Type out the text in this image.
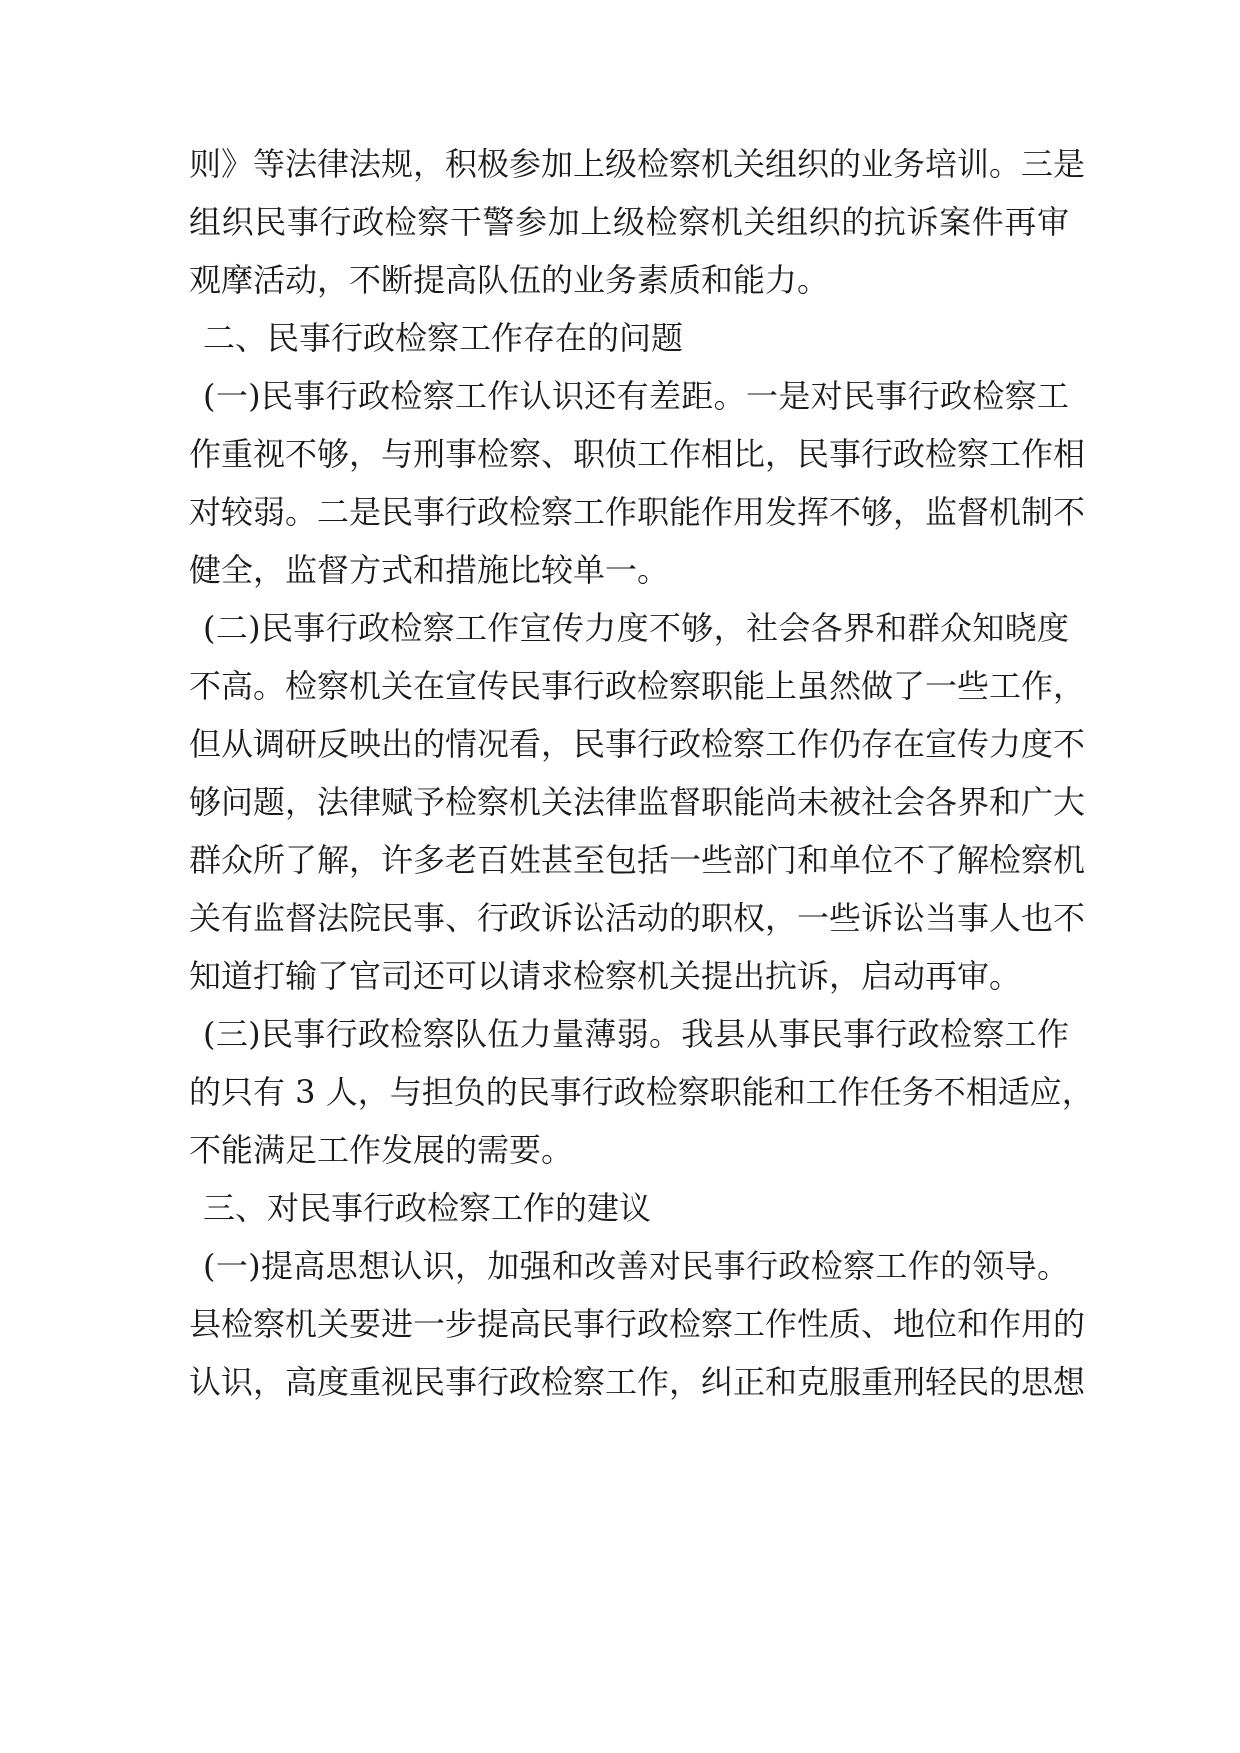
则》等法律法规，积极参加上级检察机关组织的业务培训。三是
组织民事行政检察干警参加上级检察机关组织的抗诉案件再审
观摩活动，不断提高队伍的业务素质和能力。
二、民事行政检察工作存在的问题
(一)民事行政检察工作认识还有差距。一是对民事行政检察工
作重视不够，与刑事检察、职侦工作相比，民事行政检察工作相
对较弱。二是民事行政检察工作职能作用发挥不够，监督机制不
健全，监督方式和措施比较单一。
(二)民事行政检察工作宣传力度不够，社会各界和群众知晓度
不高。检察机关在宣传民事行政检察职能上虽然做了一些工作，
但从调研反映出的情况看，民事行政检察工作仍存在宣传力度不
够问题，法律赋予检察机关法律监督职能尚未被社会各界和广大
群众所了解，许多老百姓甚至包括一些部门和单位不了解检察机
关有监督法院民事、行政诉讼活动的职权，一些诉讼当事人也不
知道打输了官司还可以请求检察机关提出抗诉，启动再审。
(三)民事行政检察队伍力量薄弱。我县从事民事行政检察工作
的只有 3 人，与担负的民事行政检察职能和工作任务不相适应，
不能满足工作发展的需要。
三、对民事行政检察工作的建议
(一)提高思想认识，加强和改善对民事行政检察工作的领导。
县检察机关要进一步提高民事行政检察工作性质、地位和作用的
认识，高度重视民事行政检察工作，纠正和克服重刑轻民的思想
